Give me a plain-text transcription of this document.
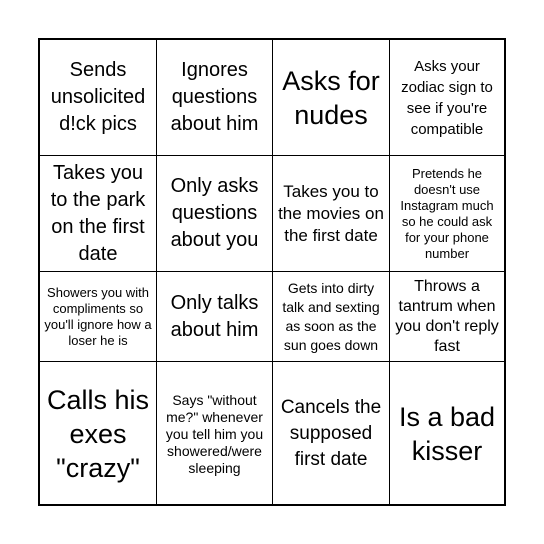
Sends unsolicited d!ck pics
Ignores questions about him
Asks for nudes
Asks your zodiac sign to see if you're compatible
Takes you to the park on the first date
Only asks questions about you
Takes you to the movies on the first date
Pretends he doesn't use Instagram much so he could ask for your phone number
Showers you with compliments so you'll ignore how a loser he is
Only talks about him
Gets into dirty talk and sexting as soon as the sun goes down
Throws a tantrum when you don't reply fast
Calls his exes "crazy"
Says "without me?" whenever you tell him you showered/were sleeping
Cancels the supposed first date
Is a bad kisser
